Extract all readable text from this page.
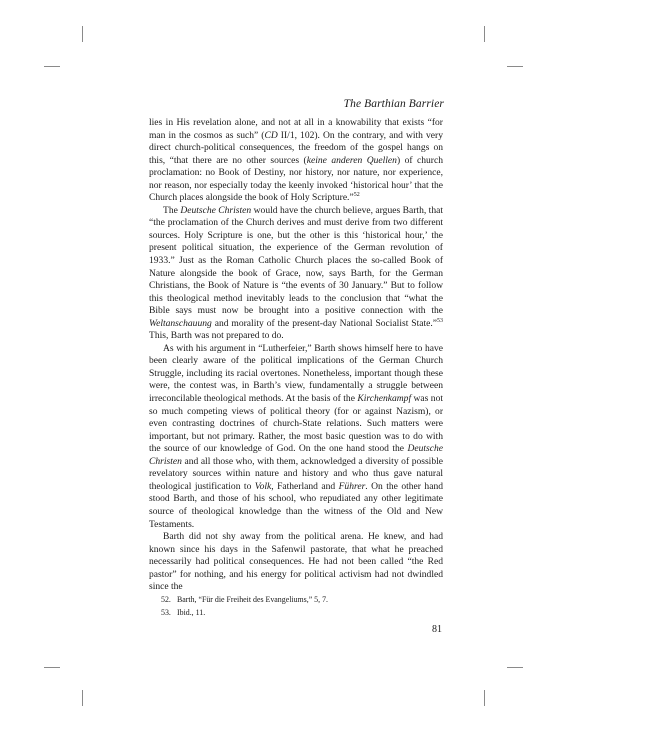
The Barthian Barrier

lies in His revelation alone, and not at all in a knowability that exists “for man in the cosmos as such” (CD II/1, 102). On the contrary, and with very direct church-political consequences, the freedom of the gospel hangs on this, “that there are no other sources (keine anderen Quellen) of church proclamation: no Book of Destiny, nor history, nor nature, nor experience, nor reason, nor especially today the keenly invoked ‘historical hour’ that the Church places alongside the book of Holy Scripture.”$^{52}$

The Deutsche Christen would have the church believe, argues Barth, that “the proclamation of the Church derives and must derive from two different sources. Holy Scripture is one, but the other is this ‘historical hour,’ the present political situation, the experience of the German revolution of 1933.” Just as the Roman Catholic Church places the so-called Book of Nature alongside the book of Grace, now, says Barth, for the German Christians, the Book of Nature is “the events of 30 January.” But to follow this theological method inevitably leads to the conclusion that “what the Bible says must now be brought into a positive connection with the Weltanschauung and morality of the present-day National Socialist State.”$^{53}$ This, Barth was not prepared to do.

As with his argument in “Lutherfeier,” Barth shows himself here to have been clearly aware of the political implications of the German Church Struggle, including its racial overtones. Nonetheless, important though these were, the contest was, in Barth’s view, fundamentally a struggle between irreconcilable theological methods. At the basis of the Kirchenkampf was not so much competing views of political theory (for or against Nazism), or even contrasting doctrines of church-State relations. Such matters were important, but not primary. Rather, the most basic question was to do with the source of our knowledge of God. On the one hand stood the Deutsche Christen and all those who, with them, acknowledged a diversity of possible revelatory sources within nature and history and who thus gave natural theological justification to Volk, Fatherland and Führer. On the other hand stood Barth, and those of his school, who repudiated any other legitimate source of theological knowledge than the witness of the Old and New Testaments.

Barth did not shy away from the political arena. He knew, and had known since his days in the Safenwil pastorate, that what he preached necessarily had political consequences. He had not been called “the Red pastor” for nothing, and his energy for political activism had not dwindled since the

52. Barth, “Für die Freiheit des Evangeliums,” 5, 7.
53. Ibid., 11.
81
